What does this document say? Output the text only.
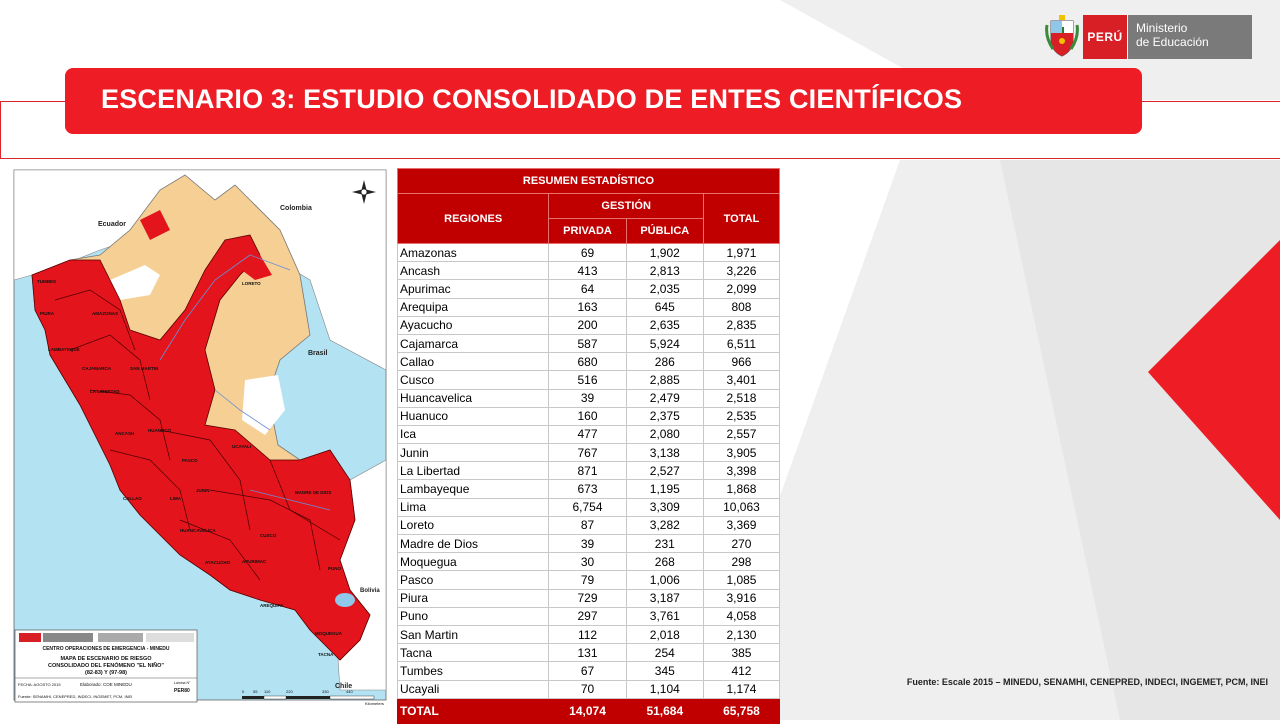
PERÚ
Ministerio
de Educación
ESCENARIO 3: ESTUDIO CONSOLIDADO DE ENTES CIENTÍFICOS
Ecuador
Colombia
Brasil
Bolivia
Chile
LORETO
UCAYALI
PIURA
TUMBES
AMAZONAS
LAMBAYEQUE
CAJAMARCA	SAN MARTIN
LA LIBERTAD
ANCASH
HUANUCO
PASCO
CALLAO
JUNIN
LIMA
MADRE DE DIOS
CUSCO
HUANCAVELICA
APURIMAC
AYACUCHO
PUNO
AREQUIPA
MOQUEGUA
TACNA
CENTRO OPERACIONES DE EMERGENCIA - MINEDU
MAPA DE ESCENARIO DE RIESGO
CONSOLIDADO DEL FENÓMENO "EL NIÑO"
(82-83) Y (97-98)
FECHA: AGOSTO 2015	Elaborado: COE MINEDU	Lamina N°
PER80
Fuente: SENAMHI, CENEPRED, INDECI, INGEMET, PCM, INEI
0 55 110	220	330	440
Kilometers
RESUMEN ESTADÍSTICO			
REGIONES	GESTIÓN		TOTAL
	PRIVADA	PÚBLICA	
Amazonas	69	1,902	1,971
Ancash	413	2,813	3,226
Apurimac	64	2,035	2,099
Arequipa	163	645	808
Ayacucho	200	2,635	2,835
Cajamarca	587	5,924	6,511
Callao	680	286	966
Cusco	516	2,885	3,401
Huancavelica	39	2,479	2,518
Huanuco	160	2,375	2,535
Ica	477	2,080	2,557
Junin	767	3,138	3,905
La Libertad	871	2,527	3,398
Lambayeque	673	1,195	1,868
Lima	6,754	3,309	10,063
Loreto	87	3,282	3,369
Madre de Dios	39	231	270
Moquegua	30	268	298
Pasco	79	1,006	1,085
Piura	729	3,187	3,916
Puno	297	3,761	4,058
San Martin	112	2,018	2,130
Tacna	131	254	385
Tumbes	67	345	412
Ucayali	70	1,104	1,174
TOTAL	14,074	51,684	65,758
Fuente: Escale 2015 – MINEDU, SENAMHI, CENEPRED, INDECI, INGEMET, PCM, INEI
